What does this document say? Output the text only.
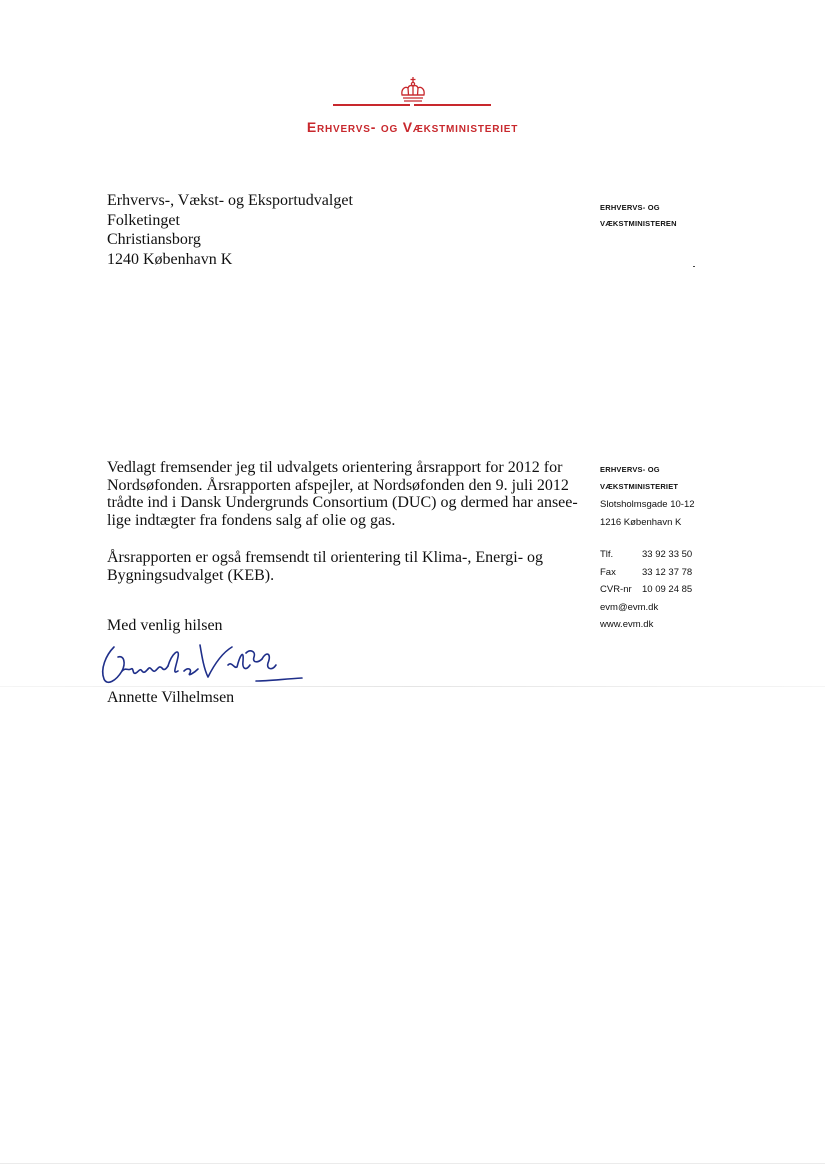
Erhvervs- og Vækstministeriet
Erhvervs-, Vækst- og Eksportudvalget
Folketinget
Christiansborg
1240 København K
ERHVERVS- OG
VÆKSTMINISTEREN

Vedlagt fremsender jeg til udvalgets orientering årsrapport for 2012 for
Nordsøfonden. Årsrapporten afspejler, at Nordsøfonden den 9. juli 2012
trådte ind i Dansk Undergrunds Consortium (DUC) og dermed har ansee-
lige indtægter fra fondens salg af olie og gas.

Årsrapporten er også fremsendt til orientering til Klima-, Energi- og
Bygningsudvalget (KEB).

Med venlig hilsen
Annette Vilhelmsen
ERHVERVS- OG
VÆKSTMINISTERIET
Slotsholmsgade 10-12
1216 København K
Tlf.	33 92 33 50
Fax	33 12 37 78
CVR-nr 10 09 24 85
evm@evm.dk
www.evm.dk
